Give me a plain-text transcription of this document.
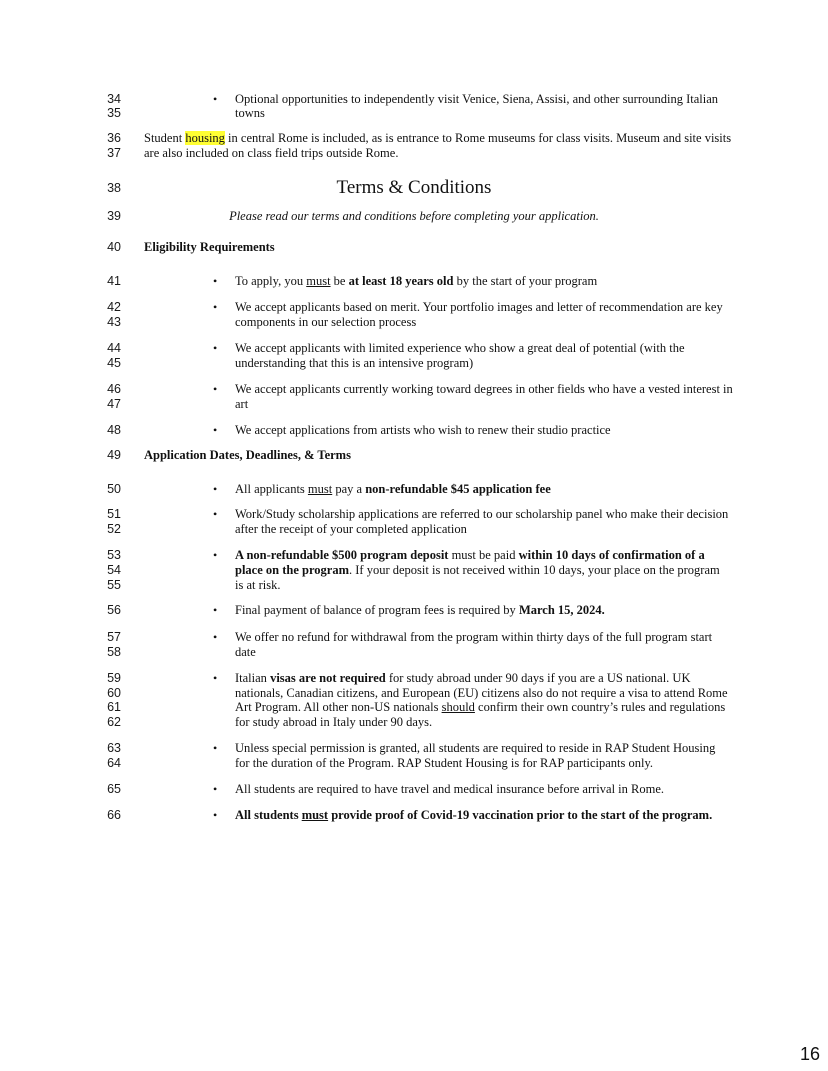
34
35
36
37
38
39
40
41
42
43
44
45
46
47
48
49
50
51
52
53
54
55
56
57
58
59
60
61
62
63
64
65
66
• Optional opportunities to independently visit Venice, Siena, Assisi, and other surrounding Italian
towns
Student housing in central Rome is included, as is entrance to Rome museums for class visits. Museum and site visits
are also included on class field trips outside Rome.
Terms & Conditions
Please read our terms and conditions before completing your application.
Eligibility Requirements
• To apply, you must be at least 18 years old by the start of your program
• We accept applicants based on merit. Your portfolio images and letter of recommendation are key
components in our selection process
• We accept applicants with limited experience who show a great deal of potential (with the
understanding that this is an intensive program)
• We accept applicants currently working toward degrees in other fields who have a vested interest in
art
• We accept applications from artists who wish to renew their studio practice
Application Dates, Deadlines, & Terms
• All applicants must pay a non-refundable $45 application fee
• Work/Study scholarship applications are referred to our scholarship panel who make their decision
after the receipt of your completed application
• A non-refundable $500 program deposit must be paid within 10 days of confirmation of a
place on the program. If your deposit is not received within 10 days, your place on the program
is at risk.
• Final payment of balance of program fees is required by March 15, 2024.
• We offer no refund for withdrawal from the program within thirty days of the full program start
date
• Italian visas are not required for study abroad under 90 days if you are a US national. UK
nationals, Canadian citizens, and European (EU) citizens also do not require a visa to attend Rome
Art Program. All other non-US nationals should confirm their own country’s rules and regulations
for study abroad in Italy under 90 days.
• Unless special permission is granted, all students are required to reside in RAP Student Housing
for the duration of the Program. RAP Student Housing is for RAP participants only.
• All students are required to have travel and medical insurance before arrival in Rome.
• All students must provide proof of Covid-19 vaccination prior to the start of the program.
16
